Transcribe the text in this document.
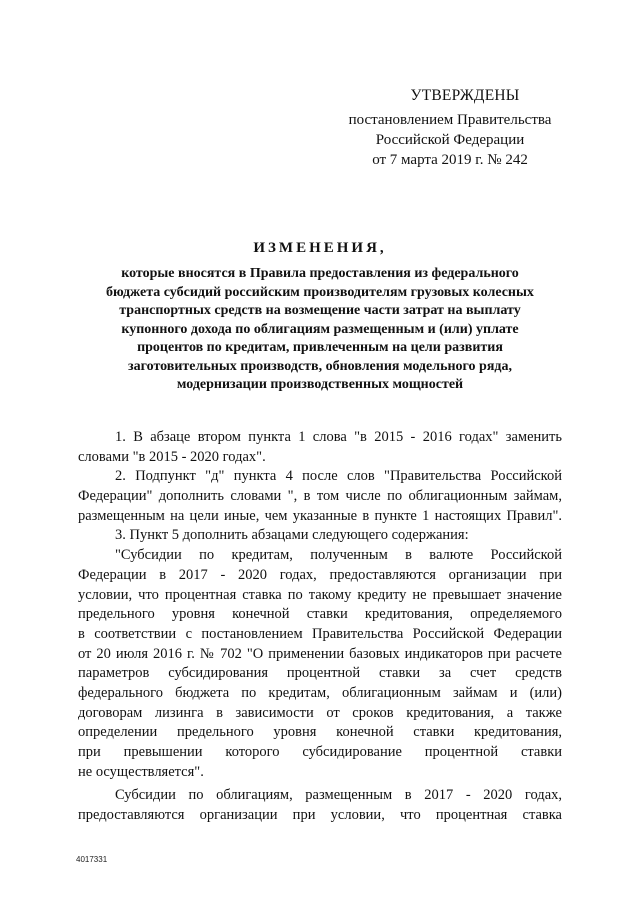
УТВЕРЖДЕНЫ
постановлением Правительства
Российской Федерации
от 7 марта 2019 г. № 242
ИЗМЕНЕНИЯ,
которые вносятся в Правила предоставления из федерального
бюджета субсидий российским производителям грузовых колесных
транспортных средств на возмещение части затрат на выплату
купонного дохода по облигациям размещенным и (или) уплате
процентов по кредитам, привлеченным на цели развития
заготовительных производств, обновления модельного ряда,
модернизации производственных мощностей
1. В абзаце втором пункта 1 слова "в 2015 - 2016 годах" заменить
словами "в 2015 - 2020 годах".
2. Подпункт "д" пункта 4 после слов "Правительства Российской
Федерации" дополнить словами ", в том числе по облигационным займам,
размещенным на цели иные, чем указанные в пункте 1 настоящих Правил".
3. Пункт 5 дополнить абзацами следующего содержания:
"Субсидии по кредитам, полученным в валюте Российской
Федерации в 2017 - 2020 годах, предоставляются организации при
условии, что процентная ставка по такому кредиту не превышает значение
предельного уровня конечной ставки кредитования, определяемого
в соответствии с постановлением Правительства Российской Федерации
от 20 июля 2016 г. № 702 "О применении базовых индикаторов при расчете
параметров субсидирования процентной ставки за счет средств
федерального бюджета по кредитам, облигационным займам и (или)
договорам лизинга в зависимости от сроков кредитования, а также
определении предельного уровня конечной ставки кредитования,
при превышении которого субсидирование процентной ставки
не осуществляется".
Субсидии по облигациям, размещенным в 2017 - 2020 годах,
предоставляются организации при условии, что процентная ставка
4017331
